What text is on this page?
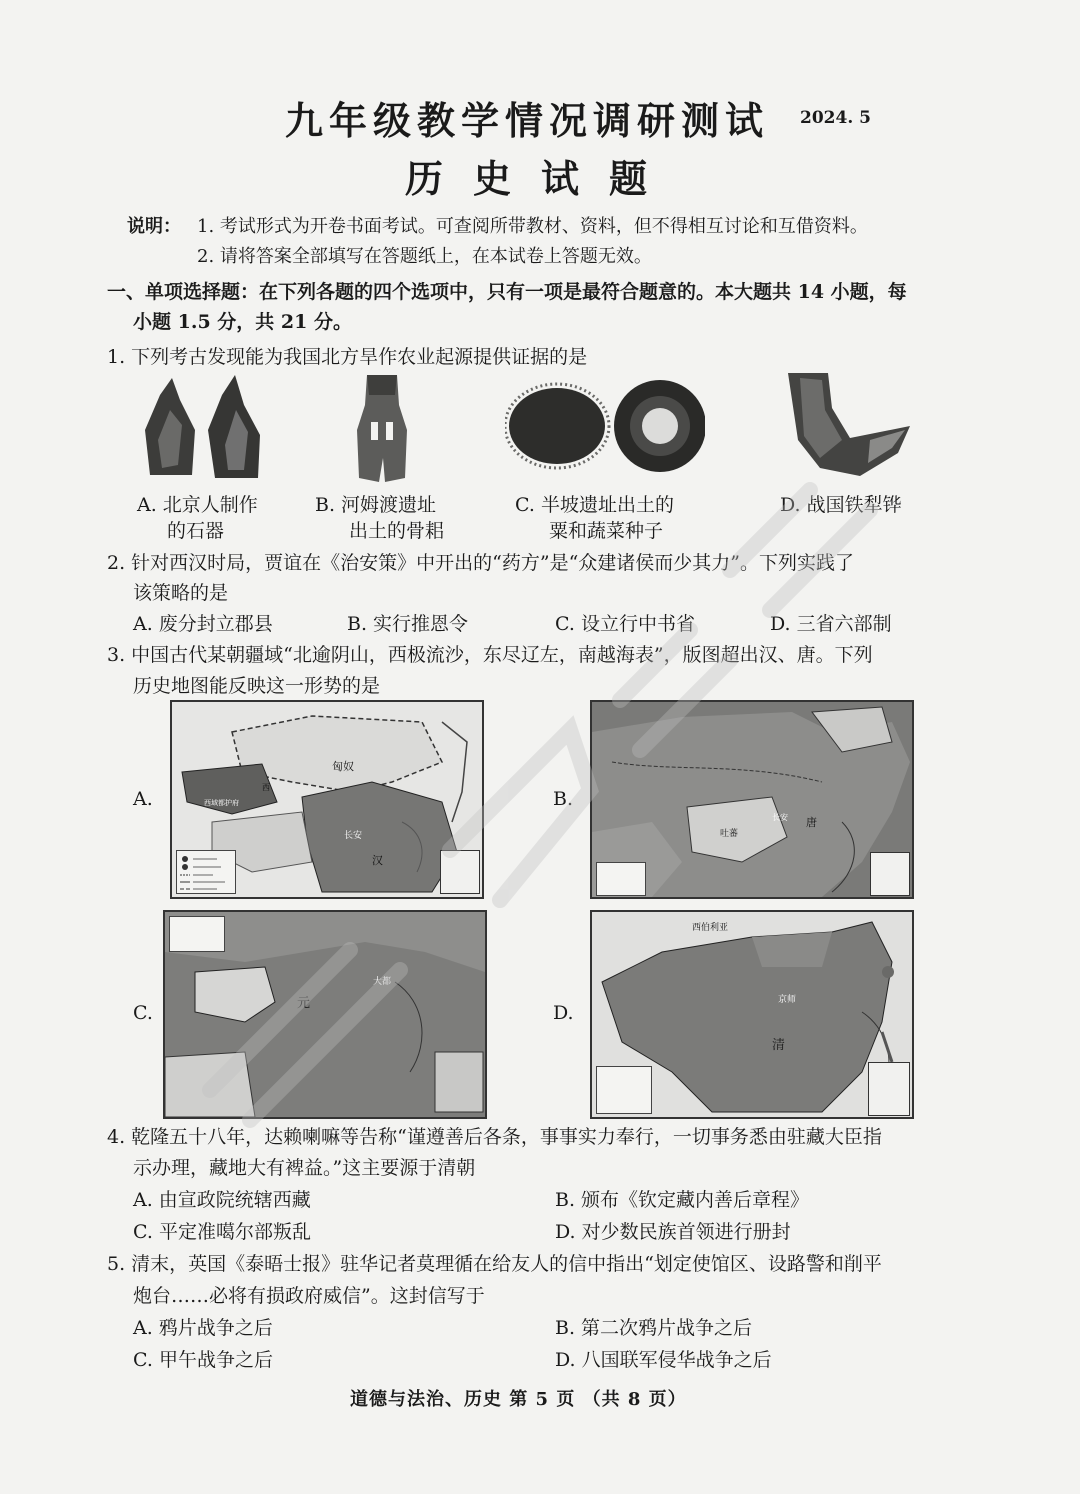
九年级教学情况调研测试 2024. 5
历史试题
说明： 1. 考试形式为开卷书面考试。可查阅所带教材、资料，但不得相互讨论和互借资料。
2. 请将答案全部填写在答题纸上，在本试卷上答题无效。
一、单项选择题：在下列各题的四个选项中，只有一项是最符合题意的。本大题共 14 小题，每
小题 1.5 分，共 21 分。
1. 下列考古发现能为我国北方旱作农业起源提供证据的是
A. 北京人制作
的石器
B. 河姆渡遗址
出土的骨耜
C. 半坡遗址出土的
粟和蔬菜种子
D. 战国铁犁铧
2. 针对西汉时局，贾谊在《治安策》中开出的“药方”是“众建诸侯而少其力”。下列实践了
该策略的是
A. 废分封立郡县	B. 实行推恩令	C. 设立行中书省	D. 三省六部制
3. 中国古代某朝疆域“北逾阴山，西极流沙，东尽辽左，南越海表”，版图超出汉、唐。下列
历史地图能反映这一形势的是
A.	B.
C.	D.
西
西域都护府
匈奴
长安
汉
吐蕃
长安 唐
元
大都
西伯利亚
京师
清
4. 乾隆五十八年，达赖喇嘛等告称“谨遵善后各条，事事实力奉行，一切事务悉由驻藏大臣指
示办理，藏地大有裨益。”这主要源于清朝
A. 由宣政院统辖西藏	B. 颁布《钦定藏内善后章程》
C. 平定准噶尔部叛乱	D. 对少数民族首领进行册封
5. 清末，英国《泰晤士报》驻华记者莫理循在给友人的信中指出“划定使馆区、设路警和削平
炮台……必将有损政府威信”。这封信写于
A. 鸦片战争之后	B. 第二次鸦片战争之后
C. 甲午战争之后	D. 八国联军侵华战争之后
道德与法治、历史 第 5 页 （共 8 页）
